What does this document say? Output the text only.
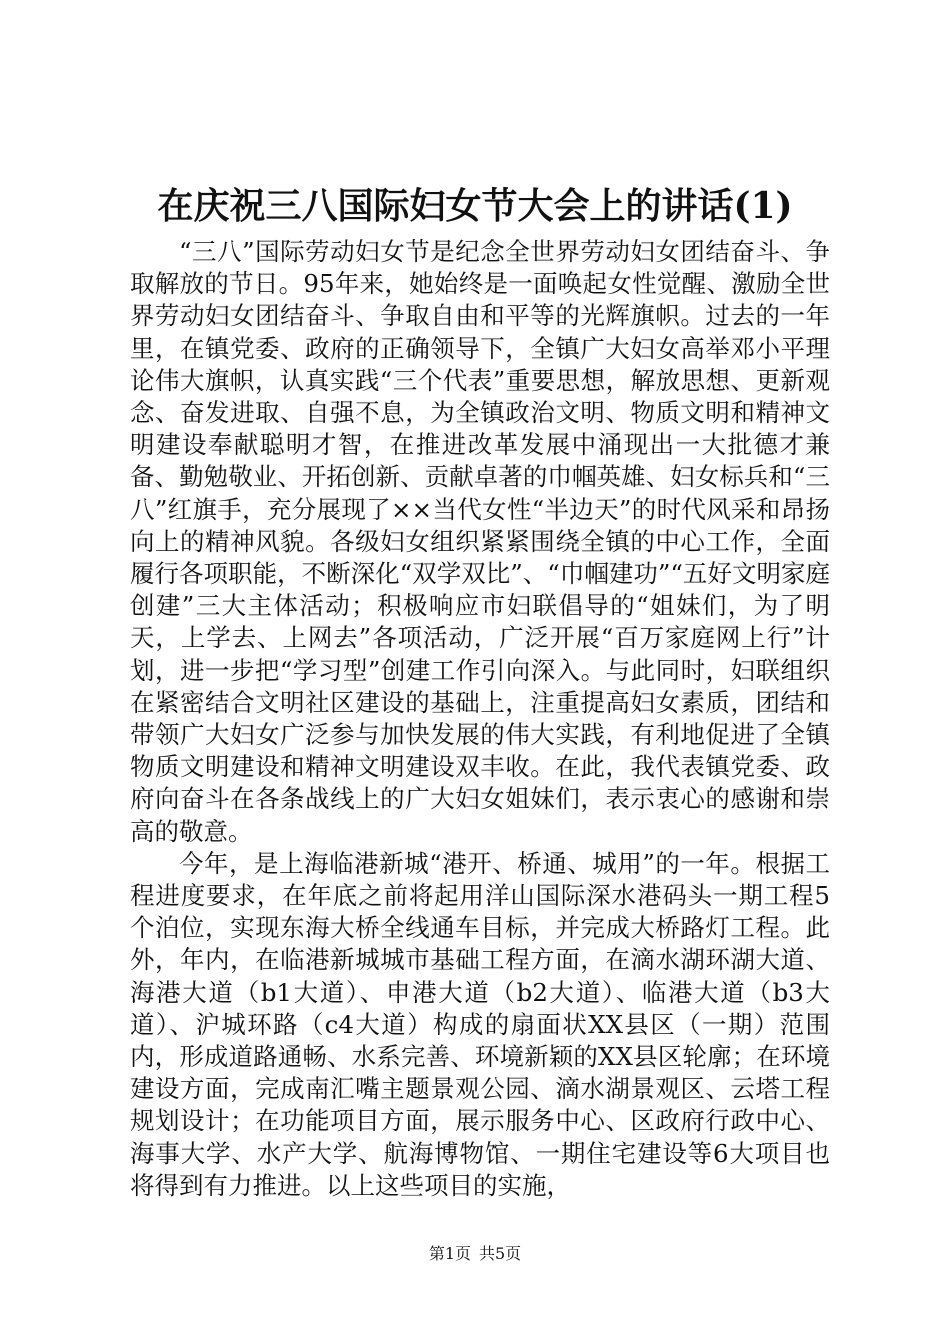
在庆祝三八国际妇女节大会上的讲话(1)

“三八”国际劳动妇女节是纪念全世界劳动妇女团结奋斗、争取解放的节日。95年来，她始终是一面唤起女性觉醒、激励全世界劳动妇女团结奋斗、争取自由和平等的光辉旗帜。过去的一年里，在镇党委、政府的正确领导下，全镇广大妇女高举邓小平理论伟大旗帜，认真实践“三个代表”重要思想，解放思想、更新观念、奋发进取、自强不息，为全镇政治文明、物质文明和精神文明建设奉献聪明才智，在推进改革发展中涌现出一大批德才兼备、勤勉敬业、开拓创新、贡献卓著的巾帼英雄、妇女标兵和“三八”红旗手，充分展现了××当代女性“半边天”的时代风采和昂扬向上的精神风貌。各级妇女组织紧紧围绕全镇的中心工作，全面履行各项职能，不断深化“双学双比”、“巾帼建功”“五好文明家庭创建”三大主体活动；积极响应市妇联倡导的“姐妹们，为了明天，上学去、上网去”各项活动，广泛开展“百万家庭网上行”计划，进一步把“学习型”创建工作引向深入。与此同时，妇联组织在紧密结合文明社区建设的基础上，注重提高妇女素质，团结和带领广大妇女广泛参与加快发展的伟大实践，有利地促进了全镇物质文明建设和精神文明建设双丰收。在此，我代表镇党委、政府向奋斗在各条战线上的广大妇女姐妹们，表示衷心的感谢和崇高的敬意。

今年，是上海临港新城“港开、桥通、城用”的一年。根据工程进度要求，在年底之前将起用洋山国际深水港码头一期工程5个泊位，实现东海大桥全线通车目标，并完成大桥路灯工程。此外，年内，在临港新城城市基础工程方面，在滴水湖环湖大道、海港大道（b1大道）、申港大道（b2大道）、临港大道（b3大道）、沪城环路（c4大道）构成的扇面状XX县区（一期）范围内，形成道路通畅、水系完善、环境新颖的XX县区轮廓；在环境建设方面，完成南汇嘴主题景观公园、滴水湖景观区、云塔工程规划设计；在功能项目方面，展示服务中心、区政府行政中心、海事大学、水产大学、航海博物馆、一期住宅建设等6大项目也将得到有力推进。以上这些项目的实施，

第1页 共5页
